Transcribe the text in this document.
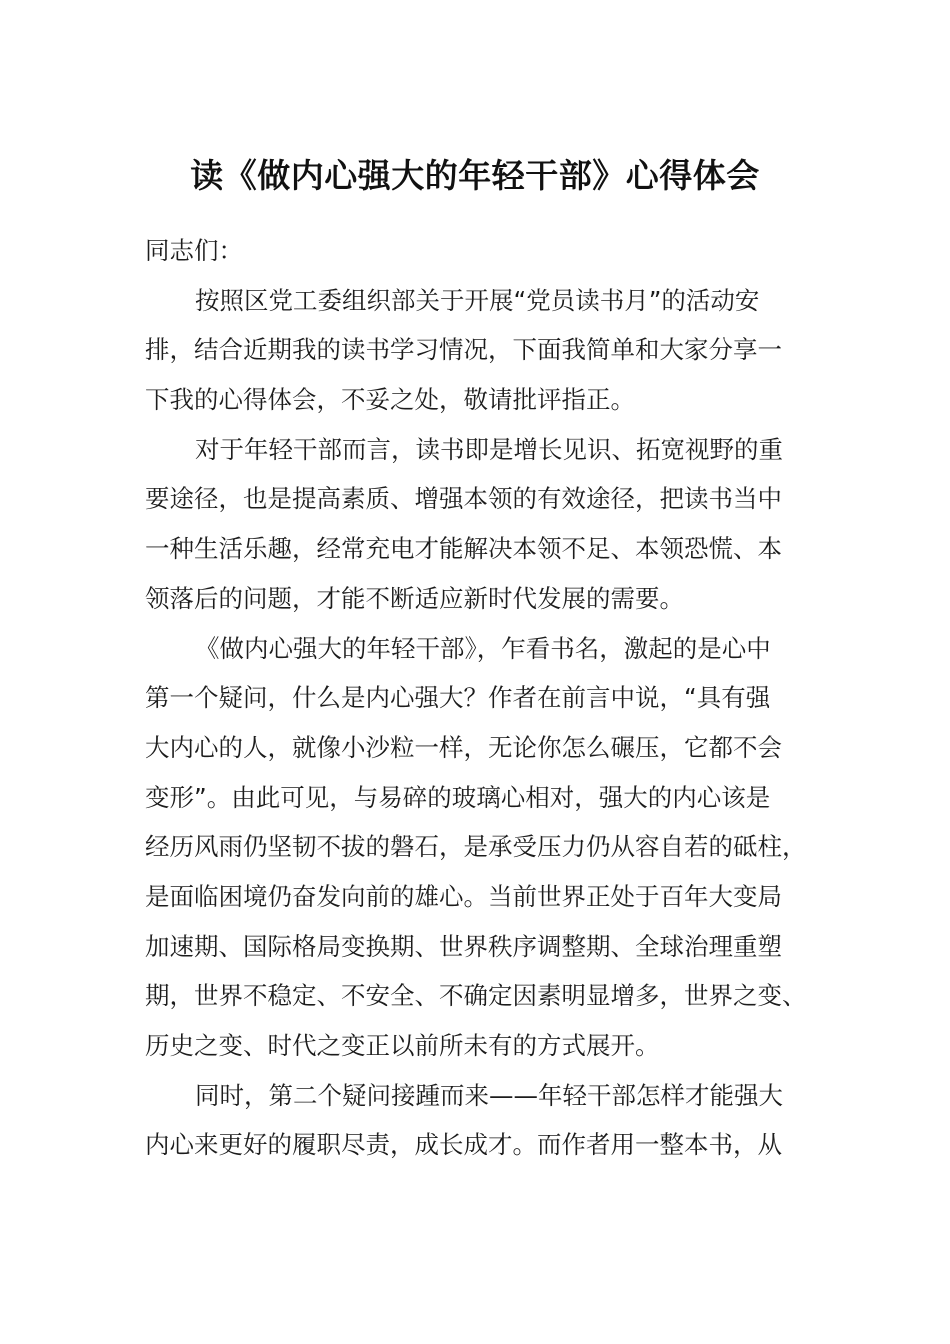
读《做内心强大的年轻干部》心得体会
同志们：
按照区党工委组织部关于开展“党员读书月”的活动安
排，结合近期我的读书学习情况，下面我简单和大家分享一
下我的心得体会，不妥之处，敬请批评指正。
对于年轻干部而言，读书即是增长见识、拓宽视野的重
要途径，也是提高素质、增强本领的有效途径，把读书当中
一种生活乐趣，经常充电才能解决本领不足、本领恐慌、本
领落后的问题，才能不断适应新时代发展的需要。
《做内心强大的年轻干部》，乍看书名，激起的是心中
第一个疑问，什么是内心强大？作者在前言中说，“具有强
大内心的人，就像小沙粒一样，无论你怎么碾压，它都不会
变形”。由此可见，与易碎的玻璃心相对，强大的内心该是
经历风雨仍坚韧不拔的磐石，是承受压力仍从容自若的砥柱，
是面临困境仍奋发向前的雄心。当前世界正处于百年大变局
加速期、国际格局变换期、世界秩序调整期、全球治理重塑
期，世界不稳定、不安全、不确定因素明显增多，世界之变、
历史之变、时代之变正以前所未有的方式展开。
同时，第二个疑问接踵而来——年轻干部怎样才能强大
内心来更好的履职尽责，成长成才。而作者用一整本书，从
